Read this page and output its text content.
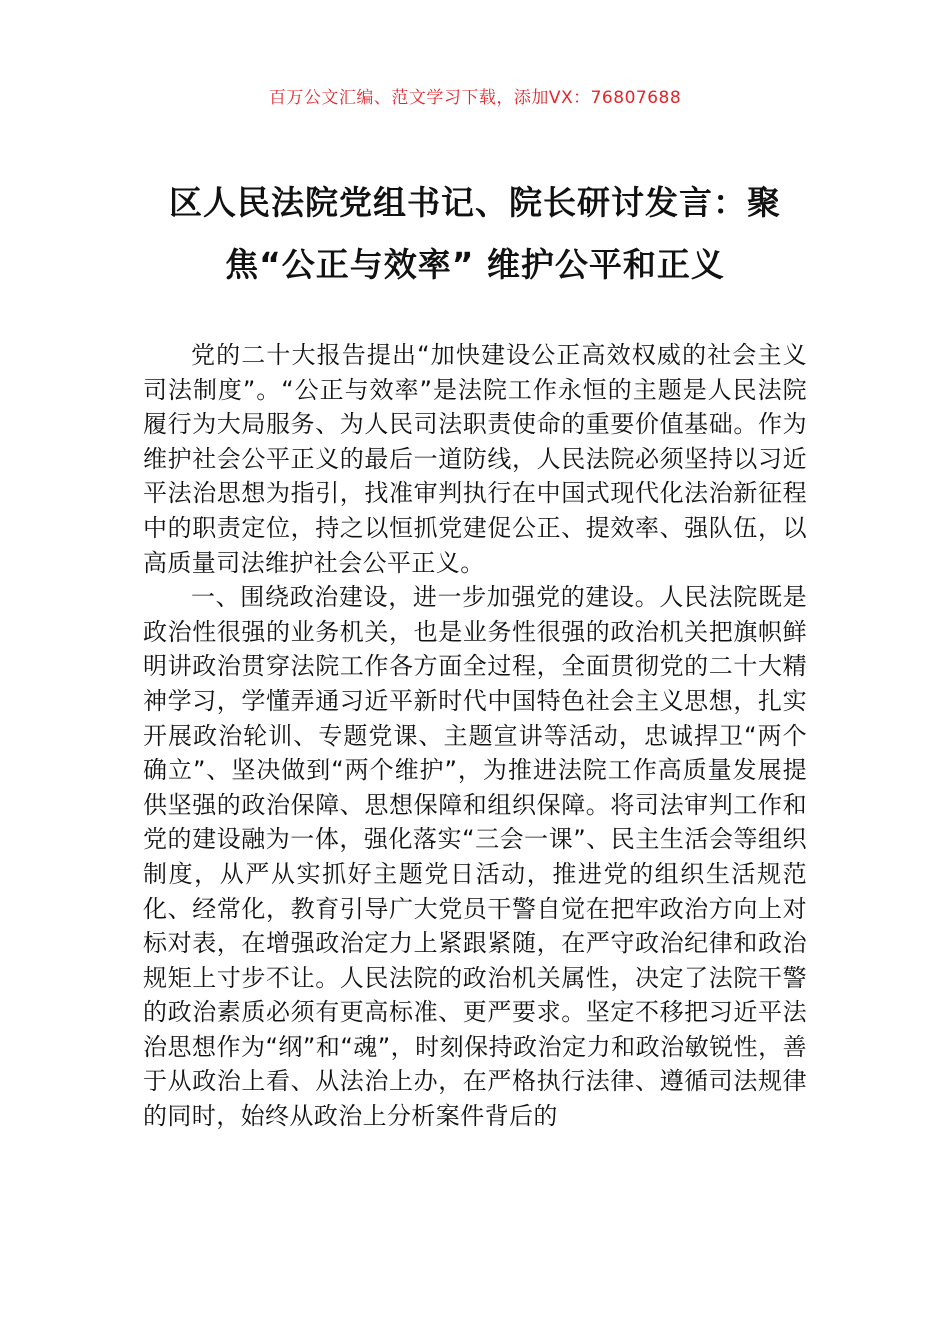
百万公文汇编、范文学习下载，添加VX：76807688
区人民法院党组书记、院长研讨发言：聚
焦“公正与效率” 维护公平和正义

党的二十大报告提出“加快建设公正高效权威的社会主义司法制度”。“公正与效率”是法院工作永恒的主题是人民法院履行为大局服务、为人民司法职责使命的重要价值基础。作为维护社会公平正义的最后一道防线，人民法院必须坚持以习近平法治思想为指引，找准审判执行在中国式现代化法治新征程中的职责定位，持之以恒抓党建促公正、提效率、强队伍，以高质量司法维护社会公平正义。

一、围绕政治建设，进一步加强党的建设。人民法院既是政治性很强的业务机关，也是业务性很强的政治机关把旗帜鲜明讲政治贯穿法院工作各方面全过程，全面贯彻党的二十大精神学习，学懂弄通习近平新时代中国特色社会主义思想，扎实开展政治轮训、专题党课、主题宣讲等活动，忠诚捍卫“两个确立”、坚决做到“两个维护”，为推进法院工作高质量发展提供坚强的政治保障、思想保障和组织保障。将司法审判工作和党的建设融为一体，强化落实“三会一课”、民主生活会等组织制度，从严从实抓好主题党日活动，推进党的组织生活规范化、经常化，教育引导广大党员干警自觉在把牢政治方向上对标对表，在增强政治定力上紧跟紧随，在严守政治纪律和政治规矩上寸步不让。人民法院的政治机关属性，决定了法院干警的政治素质必须有更高标准、更严要求。坚定不移把习近平法治思想作为“纲”和“魂”，时刻保持政治定力和政治敏锐性，善于从政治上看、从法治上办，在严格执行法律、遵循司法规律的同时，始终从政治上分析案件背后的
